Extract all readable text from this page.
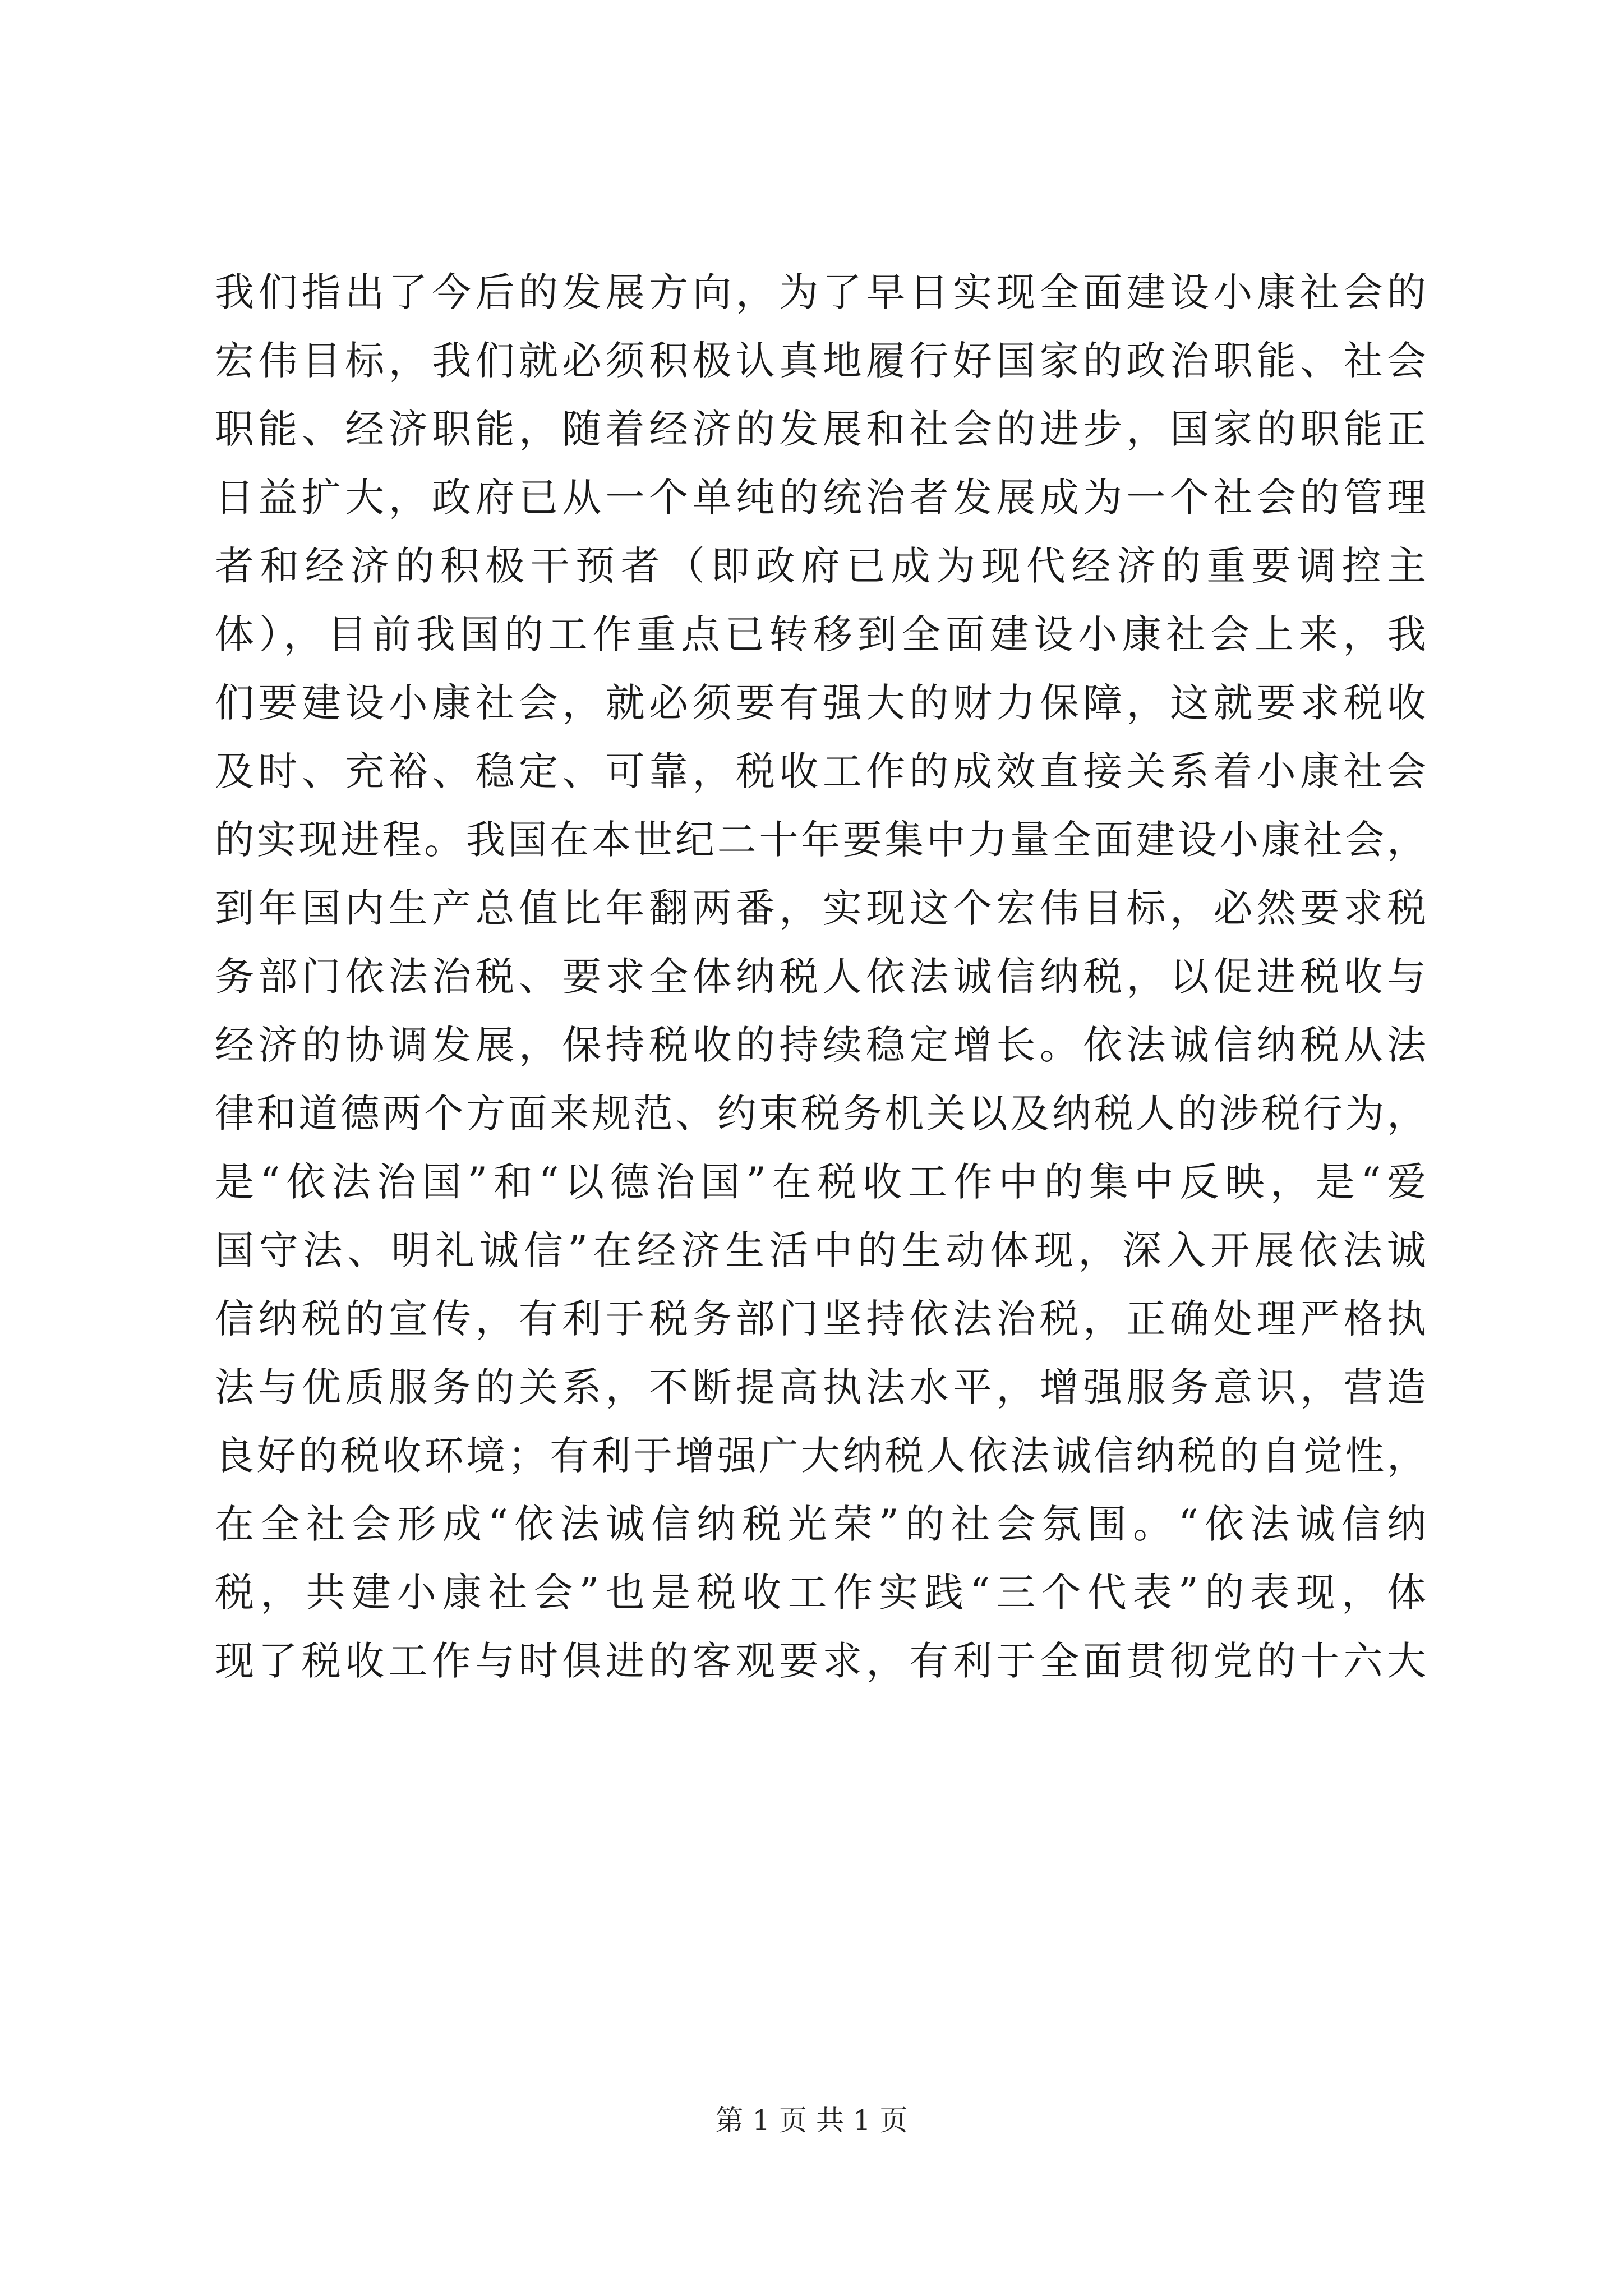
我们指出了今后的发展方向，为了早日实现全面建设小康社会的
宏伟目标，我们就必须积极认真地履行好国家的政治职能、社会
职能、经济职能，随着经济的发展和社会的进步，国家的职能正
日益扩大，政府已从一个单纯的统治者发展成为一个社会的管理
者和经济的积极干预者（即政府已成为现代经济的重要调控主
体），目前我国的工作重点已转移到全面建设小康社会上来，我
们要建设小康社会，就必须要有强大的财力保障，这就要求税收
及时、充裕、稳定、可靠，税收工作的成效直接关系着小康社会
的实现进程。我国在本世纪二十年要集中力量全面建设小康社会，
到年国内生产总值比年翻两番，实现这个宏伟目标，必然要求税
务部门依法治税、要求全体纳税人依法诚信纳税，以促进税收与
经济的协调发展，保持税收的持续稳定增长。依法诚信纳税从法
律和道德两个方面来规范、约束税务机关以及纳税人的涉税行为，
是“依法治国”和“以德治国”在税收工作中的集中反映，是“爱
国守法、明礼诚信”在经济生活中的生动体现，深入开展依法诚
信纳税的宣传，有利于税务部门坚持依法治税，正确处理严格执
法与优质服务的关系，不断提高执法水平，增强服务意识，营造
良好的税收环境；有利于增强广大纳税人依法诚信纳税的自觉性，
在全社会形成“依法诚信纳税光荣”的社会氛围。“依法诚信纳
税，共建小康社会”也是税收工作实践“三个代表”的表现，体
现了税收工作与时俱进的客观要求，有利于全面贯彻党的十六大
第 1 页 共 1 页
